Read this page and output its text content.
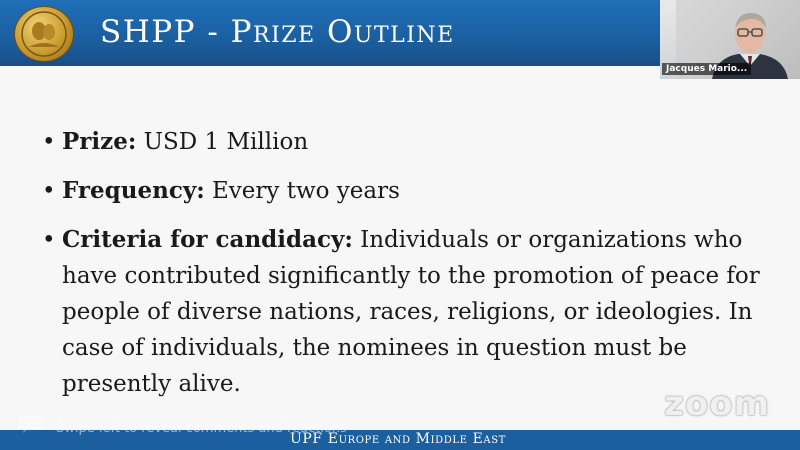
SHPP - Prize Outline
Jacques Mario...
• Prize: USD 1 Million
• Frequency: Every two years
• Criteria for candidacy: Individuals or organizations who have contributed significantly to the promotion of peace for people of diverse nations, races, religions, or ideologies. In case of individuals, the nominees in question must be presently alive.	zoom
UPF Europe and Middle East
Swipe left to reveal comments and reactions
